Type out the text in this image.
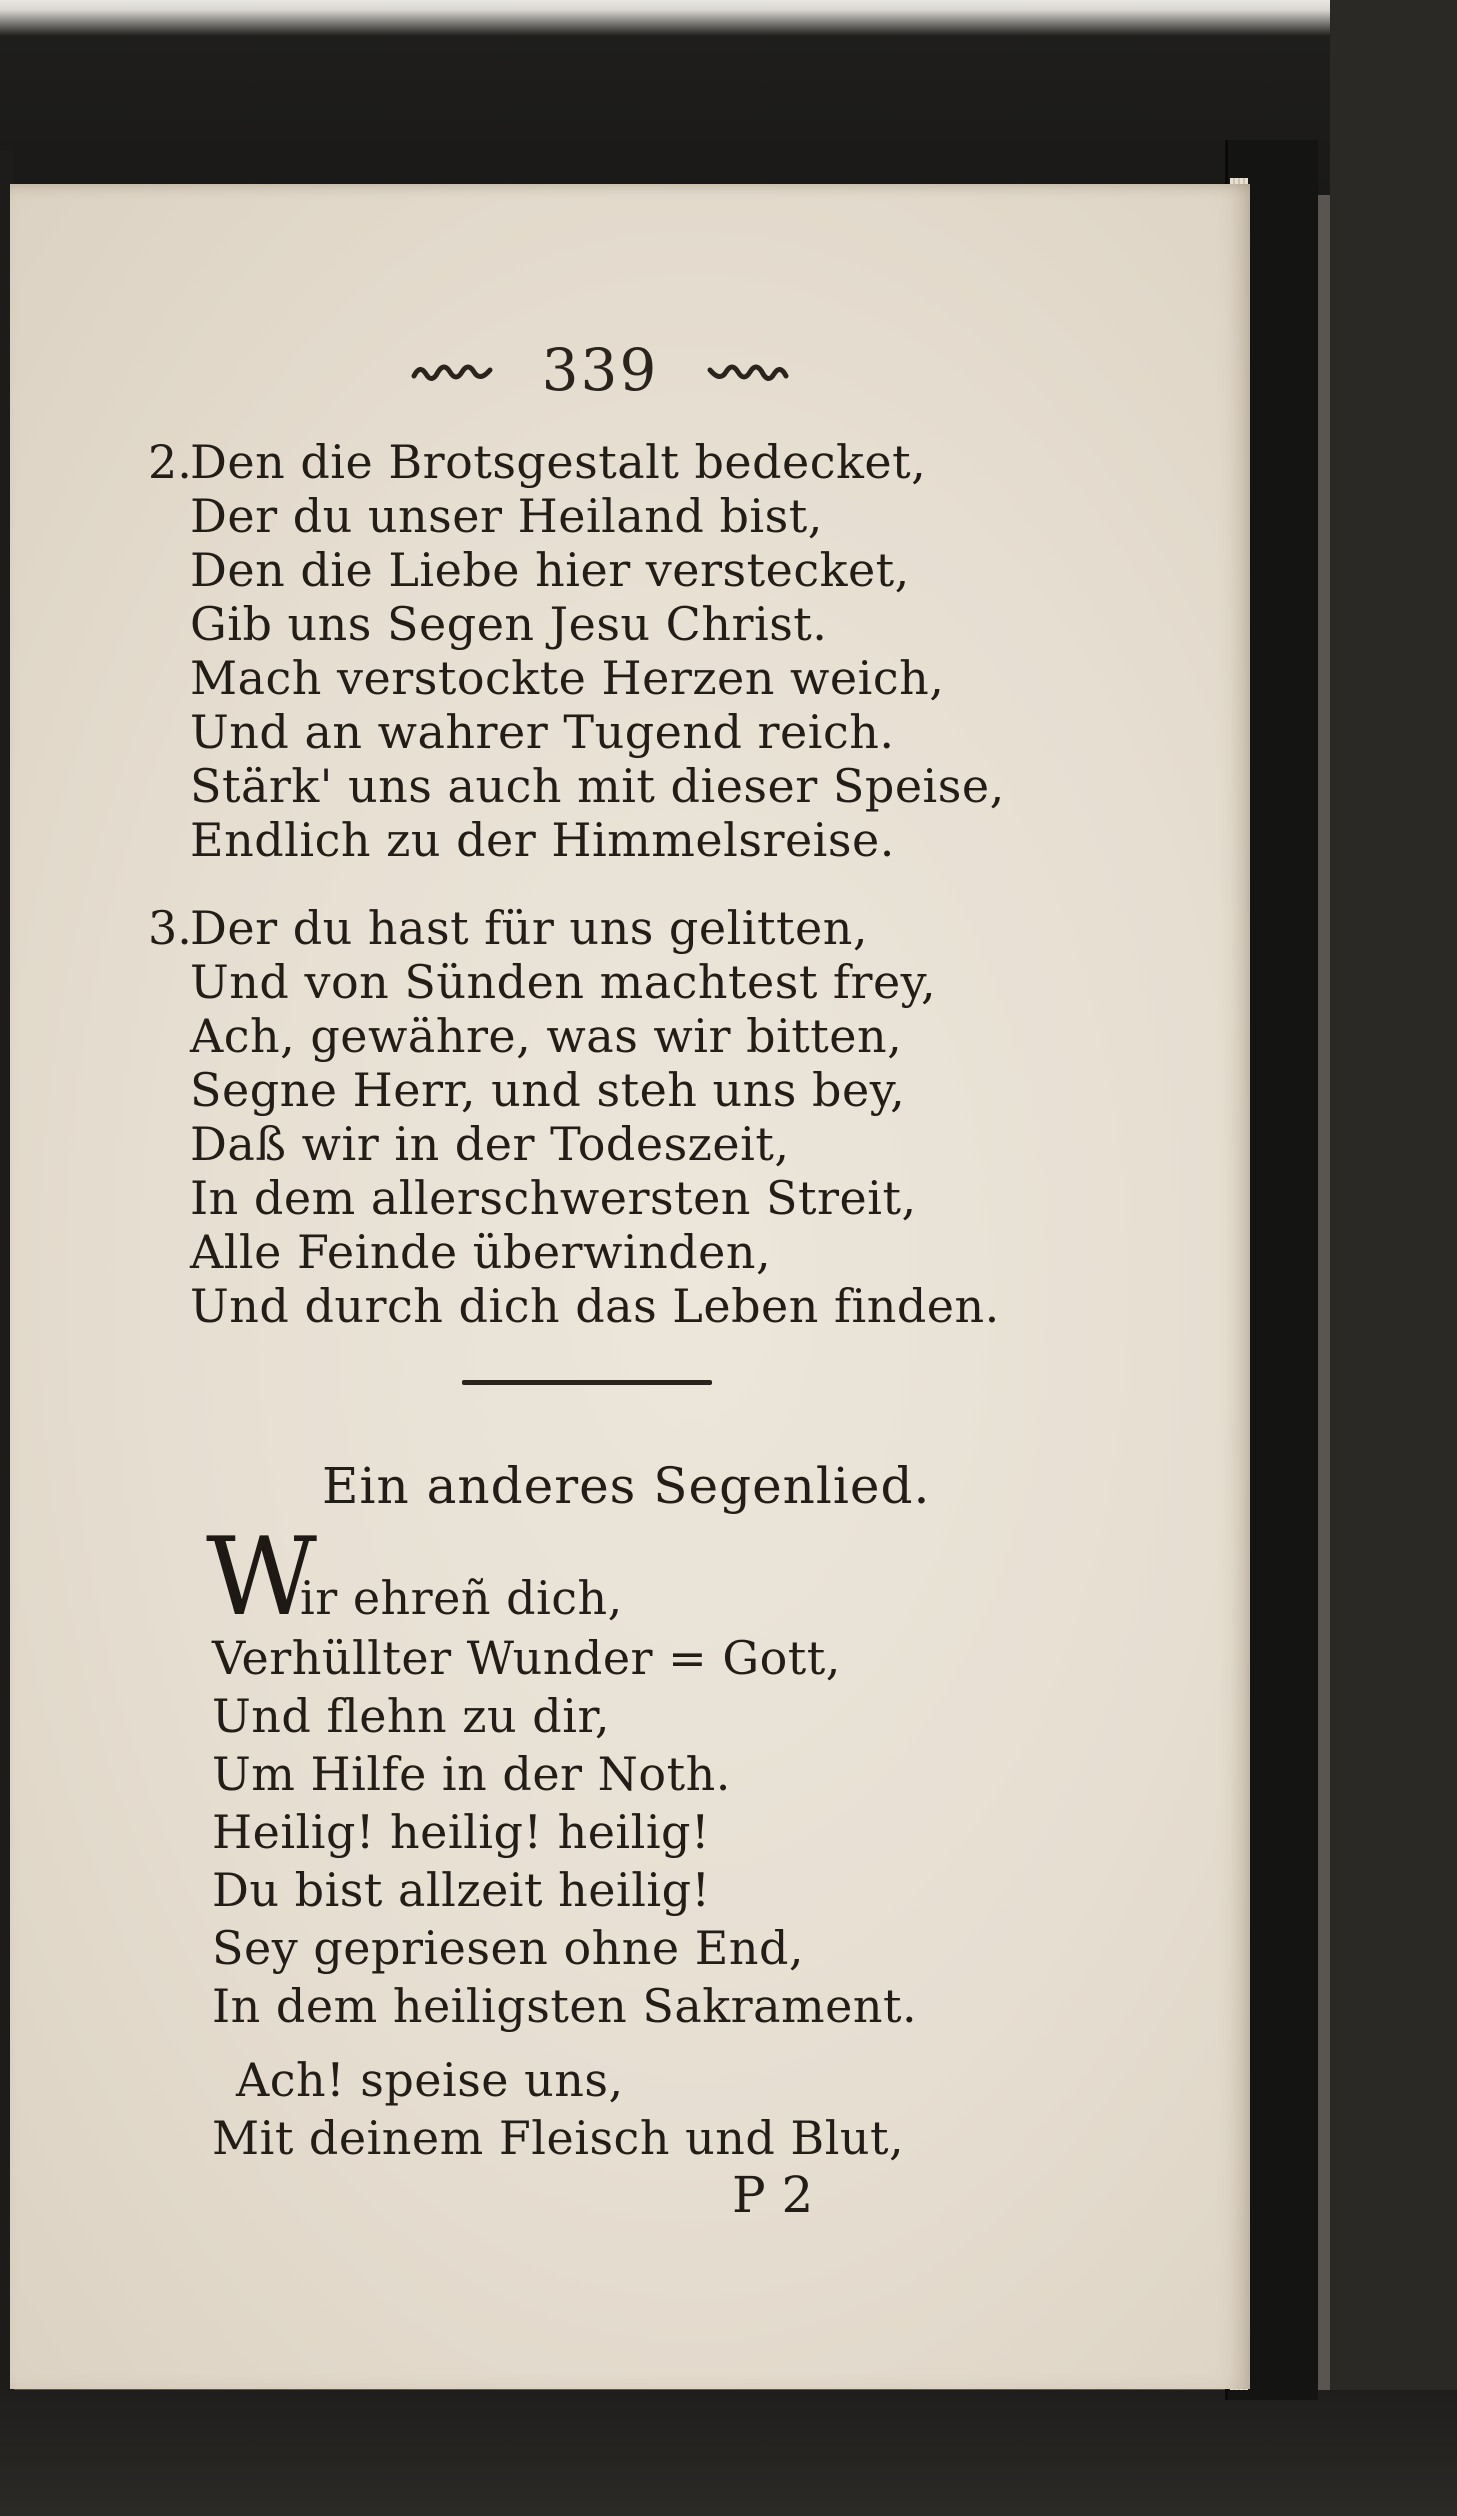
339
2.
Den die Brotsgestalt bedecket,
Der du unser Heiland bist,
Den die Liebe hier verstecket,
Gib uns Segen Jesu Christ.
Mach verstockte Herzen weich,
Und an wahrer Tugend reich.
Stärk' uns auch mit dieser Speise,
Endlich zu der Himmelsreise.
3.
Der du hast für uns gelitten,
Und von Sünden machtest frey,
Ach, gewähre, was wir bitten,
Segne Herr, und steh uns bey,
Daß wir in der Todeszeit,
In dem allerschwersten Streit,
Alle Feinde überwinden,
Und durch dich das Leben finden.
Ein anderes Segenlied.
W
ir ehreñ dich,
Verhüllter Wunder = Gott,
Und flehn zu dir,
Um Hilfe in der Noth.
Heilig! heilig! heilig!
Du bist allzeit heilig!
Sey gepriesen ohne End,
In dem heiligsten Sakrament.
Ach! speise uns,
Mit deinem Fleisch und Blut,
P 2
